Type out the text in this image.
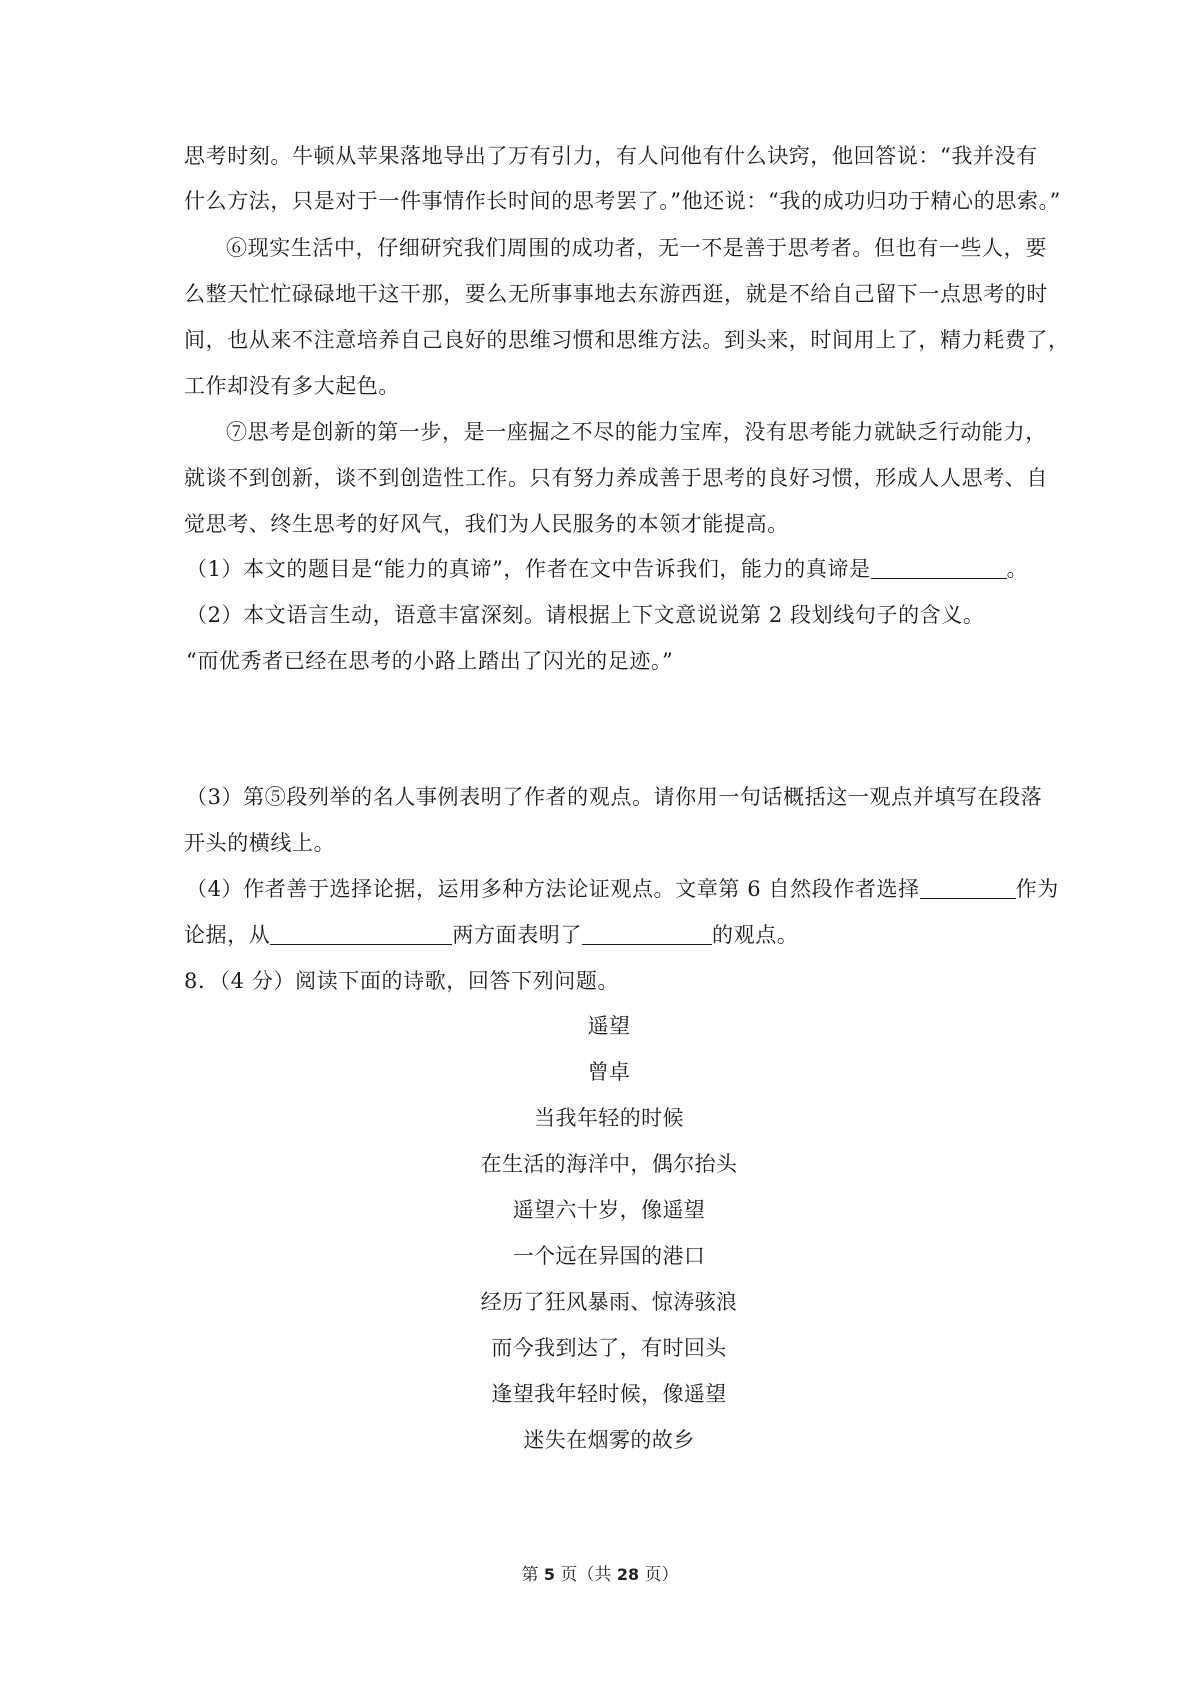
思考时刻。牛顿从苹果落地导出了万有引力，有人问他有什么诀窍，他回答说：“我并没有
什么方法，只是对于一件事情作长时间的思考罢了。”他还说：“我的成功归功于精心的思索。”
⑥现实生活中，仔细研究我们周围的成功者，无一不是善于思考者。但也有一些人，要
么整天忙忙碌碌地干这干那，要么无所事事地去东游西逛，就是不给自己留下一点思考的时
间，也从来不注意培养自己良好的思维习惯和思维方法。到头来，时间用上了，精力耗费了，
工作却没有多大起色。
⑦思考是创新的第一步，是一座掘之不尽的能力宝库，没有思考能力就缺乏行动能力，
就谈不到创新，谈不到创造性工作。只有努力养成善于思考的良好习惯，形成人人思考、自
觉思考、终生思考的好风气，我们为人民服务的本领才能提高。
（1）本文的题目是“能力的真谛”，作者在文中告诉我们，能力的真谛是	。
（2）本文语言生动，语意丰富深刻。请根据上下文意说说第 2 段划线句子的含义。
“而优秀者已经在思考的小路上踏出了闪光的足迹。”
（3）第⑤段列举的名人事例表明了作者的观点。请你用一句话概括这一观点并填写在段落
开头的横线上。
（4）作者善于选择论据，运用多种方法论证观点。文章第 6 自然段作者选择	作为
论据，从	两方面表明了	的观点。
8．（4 分）阅读下面的诗歌，回答下列问题。
遥望
曾卓
当我年轻的时候
在生活的海洋中，偶尔抬头
遥望六十岁，像遥望
一个远在异国的港口
经历了狂风暴雨、惊涛骇浪
而今我到达了，有时回头
逢望我年轻时候，像遥望
迷失在烟雾的故乡
第 5 页（共 28 页）
